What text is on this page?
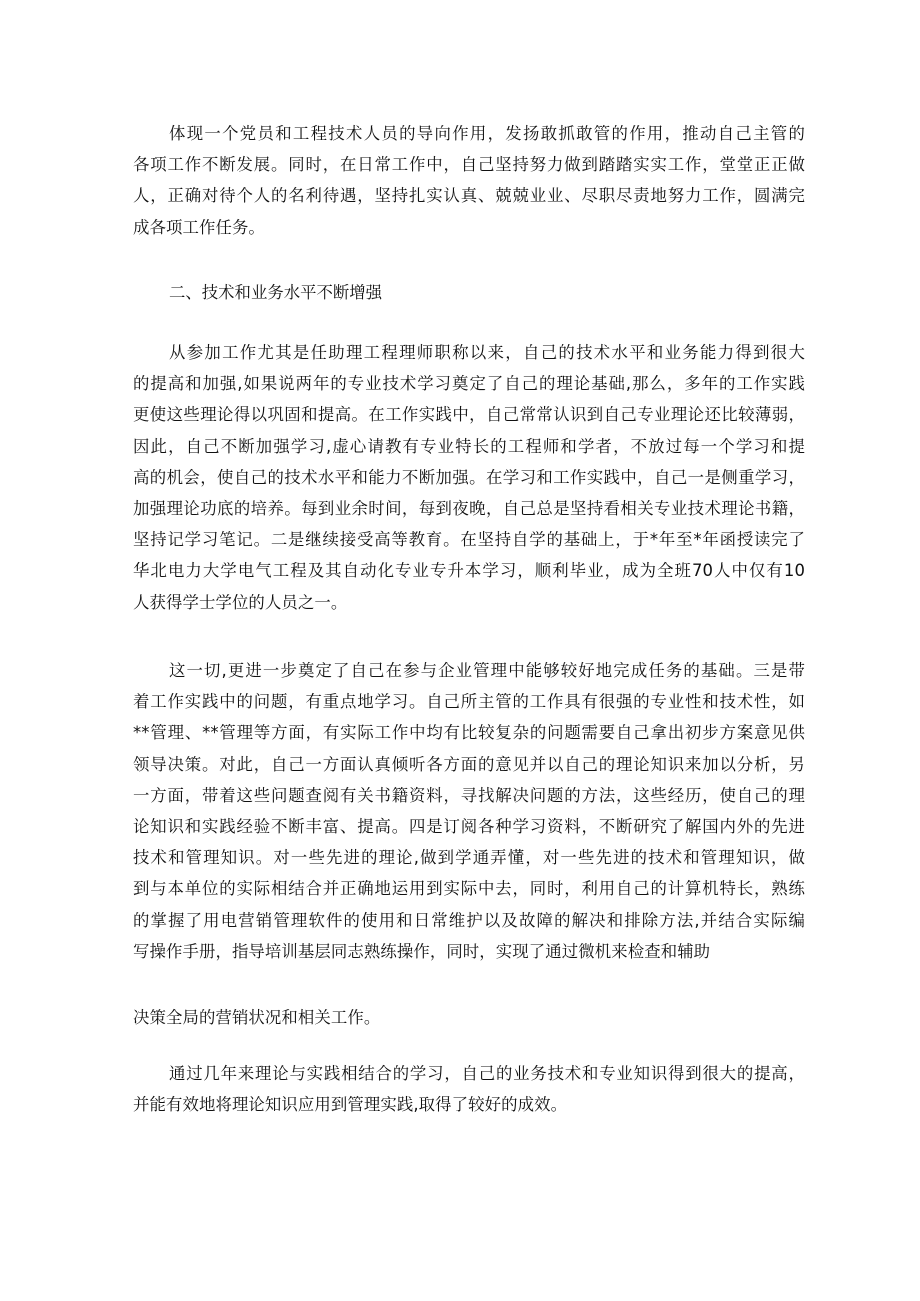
体现一个党员和工程技术人员的导向作用，发扬敢抓敢管的作用，推动自己主管的
各项工作不断发展。同时，在日常工作中，自己坚持努力做到踏踏实实工作，堂堂正正做
人，正确对待个人的名利待遇，坚持扎实认真、兢兢业业、尽职尽责地努力工作，圆满完
成各项工作任务。
二、技术和业务水平不断增强
从参加工作尤其是任助理工程理师职称以来，自己的技术水平和业务能力得到很大
的提高和加强,如果说两年的专业技术学习奠定了自己的理论基础,那么，多年的工作实践
更使这些理论得以巩固和提高。在工作实践中，自己常常认识到自己专业理论还比较薄弱，
因此，自己不断加强学习,虚心请教有专业特长的工程师和学者，不放过每一个学习和提
高的机会，使自己的技术水平和能力不断加强。在学习和工作实践中，自己一是侧重学习，
加强理论功底的培养。每到业余时间，每到夜晚，自己总是坚持看相关专业技术理论书籍，
坚持记学习笔记。二是继续接受高等教育。在坚持自学的基础上，于*年至*年函授读完了
华北电力大学电气工程及其自动化专业专升本学习，顺利毕业，成为全班70人中仅有10
人获得学士学位的人员之一。
这一切,更进一步奠定了自己在参与企业管理中能够较好地完成任务的基础。三是带
着工作实践中的问题，有重点地学习。自己所主管的工作具有很强的专业性和技术性，如
**管理、**管理等方面，有实际工作中均有比较复杂的问题需要自己拿出初步方案意见供
领导决策。对此，自己一方面认真倾听各方面的意见并以自己的理论知识来加以分析，另
一方面，带着这些问题查阅有关书籍资料，寻找解决问题的方法，这些经历，使自己的理
论知识和实践经验不断丰富、提高。四是订阅各种学习资料，不断研究了解国内外的先进
技术和管理知识。对一些先进的理论,做到学通弄懂，对一些先进的技术和管理知识，做
到与本单位的实际相结合并正确地运用到实际中去，同时，利用自己的计算机特长，熟练
的掌握了用电营销管理软件的使用和日常维护以及故障的解决和排除方法,并结合实际编
写操作手册，指导培训基层同志熟练操作，同时，实现了通过微机来检查和辅助
决策全局的营销状况和相关工作。
通过几年来理论与实践相结合的学习，自己的业务技术和专业知识得到很大的提高，
并能有效地将理论知识应用到管理实践,取得了较好的成效。
